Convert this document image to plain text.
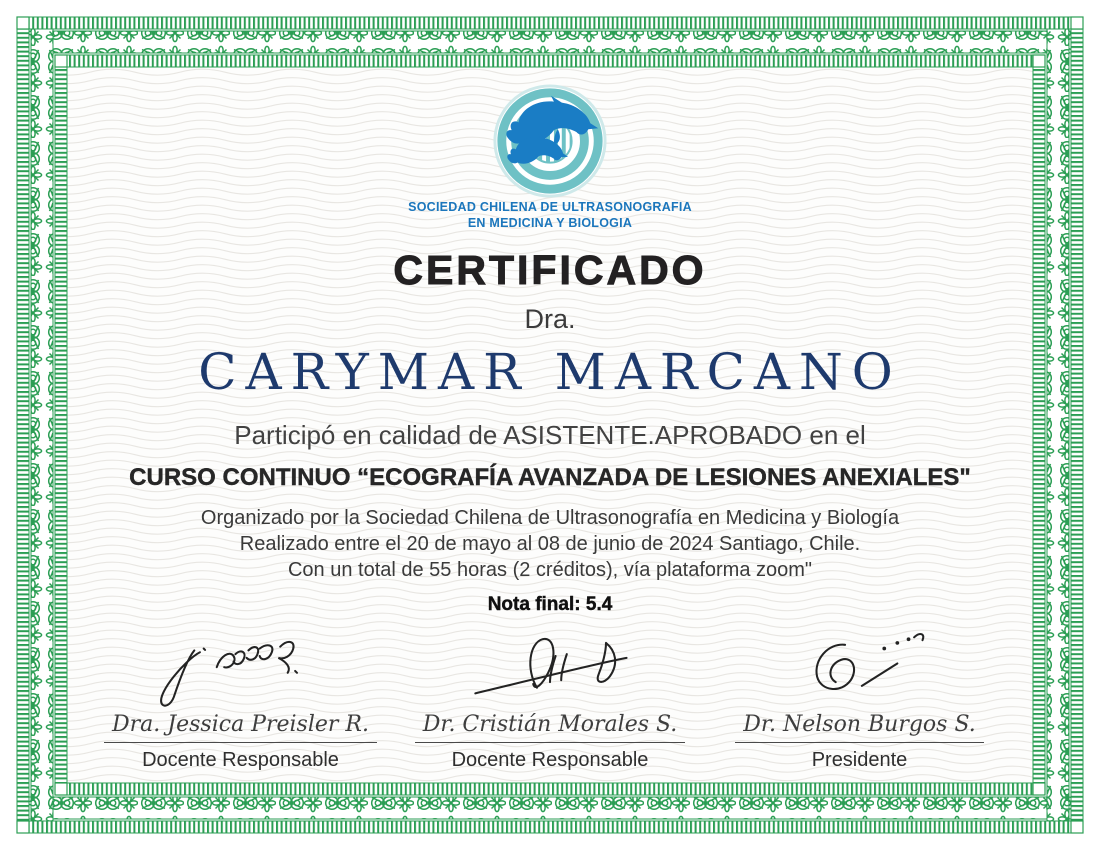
SOCIEDAD CHILENA DE ULTRASONOGRAFIA
EN MEDICINA Y BIOLOGIA
CERTIFICADO
Dra.
CARYMAR MARCANO
Participó en calidad de ASISTENTE.APROBADO en el
CURSO CONTINUO “ECOGRAFÍA AVANZADA DE LESIONES ANEXIALES"
Organizado por la Sociedad Chilena de Ultrasonografía en Medicina y Biología
Realizado entre el 20 de mayo al 08 de junio de 2024 Santiago, Chile.
Con un total de 55 horas (2 créditos), vía plataforma zoom"
Nota final: 5.4
Dra. Jessica Preisler R.
Docente Responsable
Dr. Cristián Morales S.
Docente Responsable
Dr. Nelson Burgos S.
Presidente
